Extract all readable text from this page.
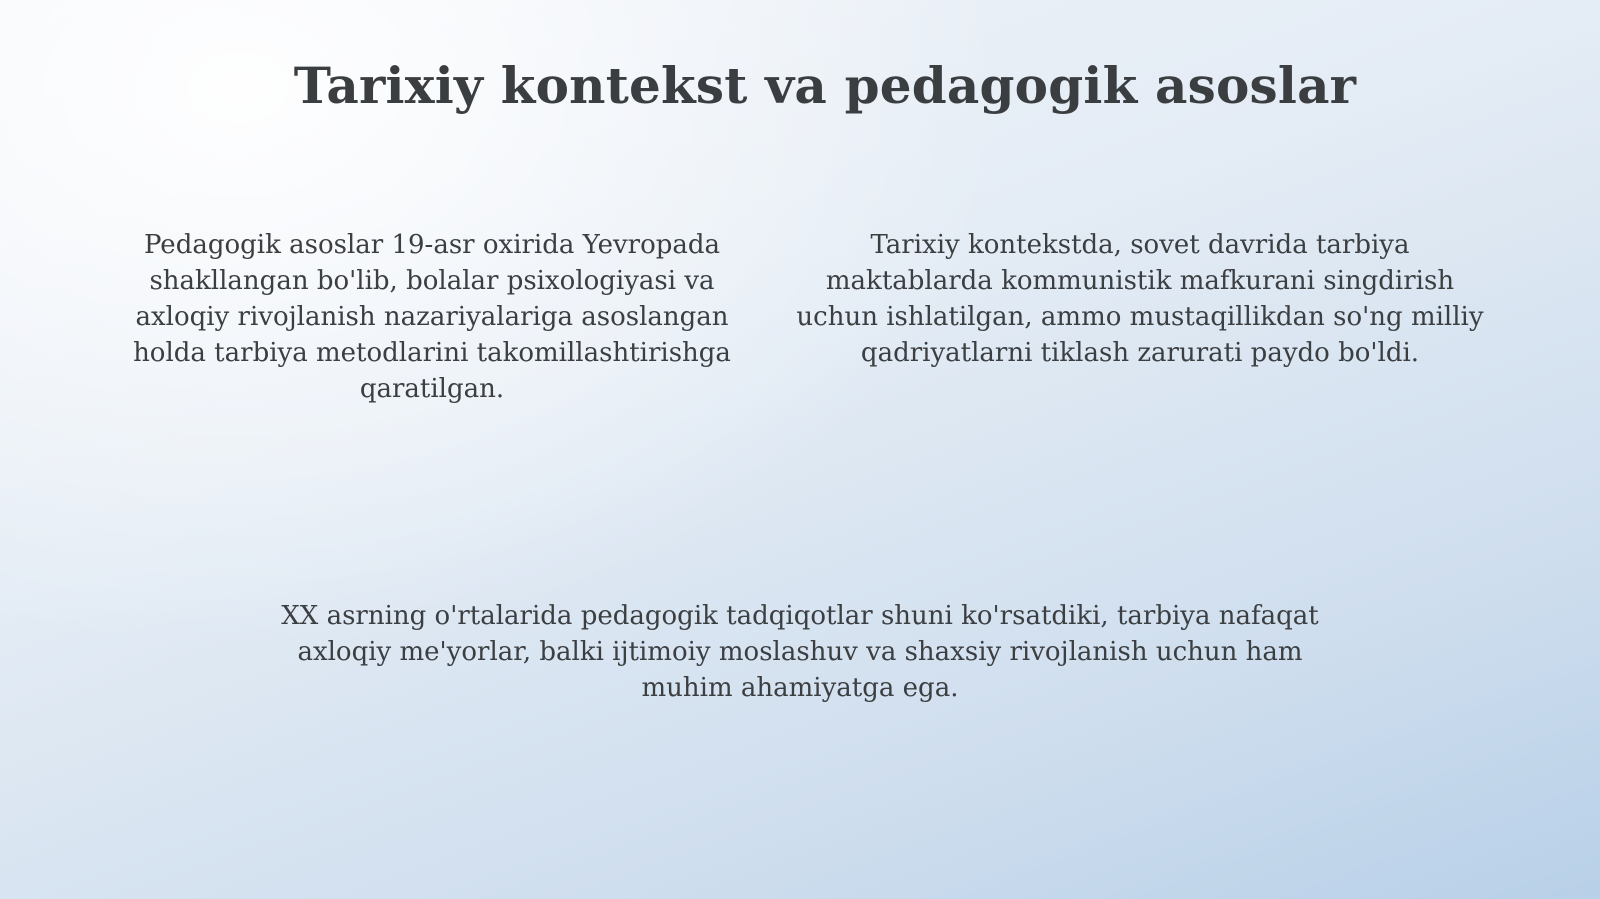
Tarixiy kontekst va pedagogik asoslar

Pedagogik asoslar 19-asr oxirida Yevropada shakllangan bo'lib, bolalar psixologiyasi va axloqiy rivojlanish nazariyalariga asoslangan holda tarbiya metodlarini takomillashtirishga qaratilgan.

Tarixiy kontekstda, sovet davrida tarbiya maktablarda kommunistik mafkurani singdirish uchun ishlatilgan, ammo mustaqillikdan so'ng milliy qadriyatlarni tiklash zarurati paydo bo'ldi.

XX asrning o'rtalarida pedagogik tadqiqotlar shuni ko'rsatdiki, tarbiya nafaqat axloqiy me'yorlar, balki ijtimoiy moslashuv va shaxsiy rivojlanish uchun ham muhim ahamiyatga ega.
